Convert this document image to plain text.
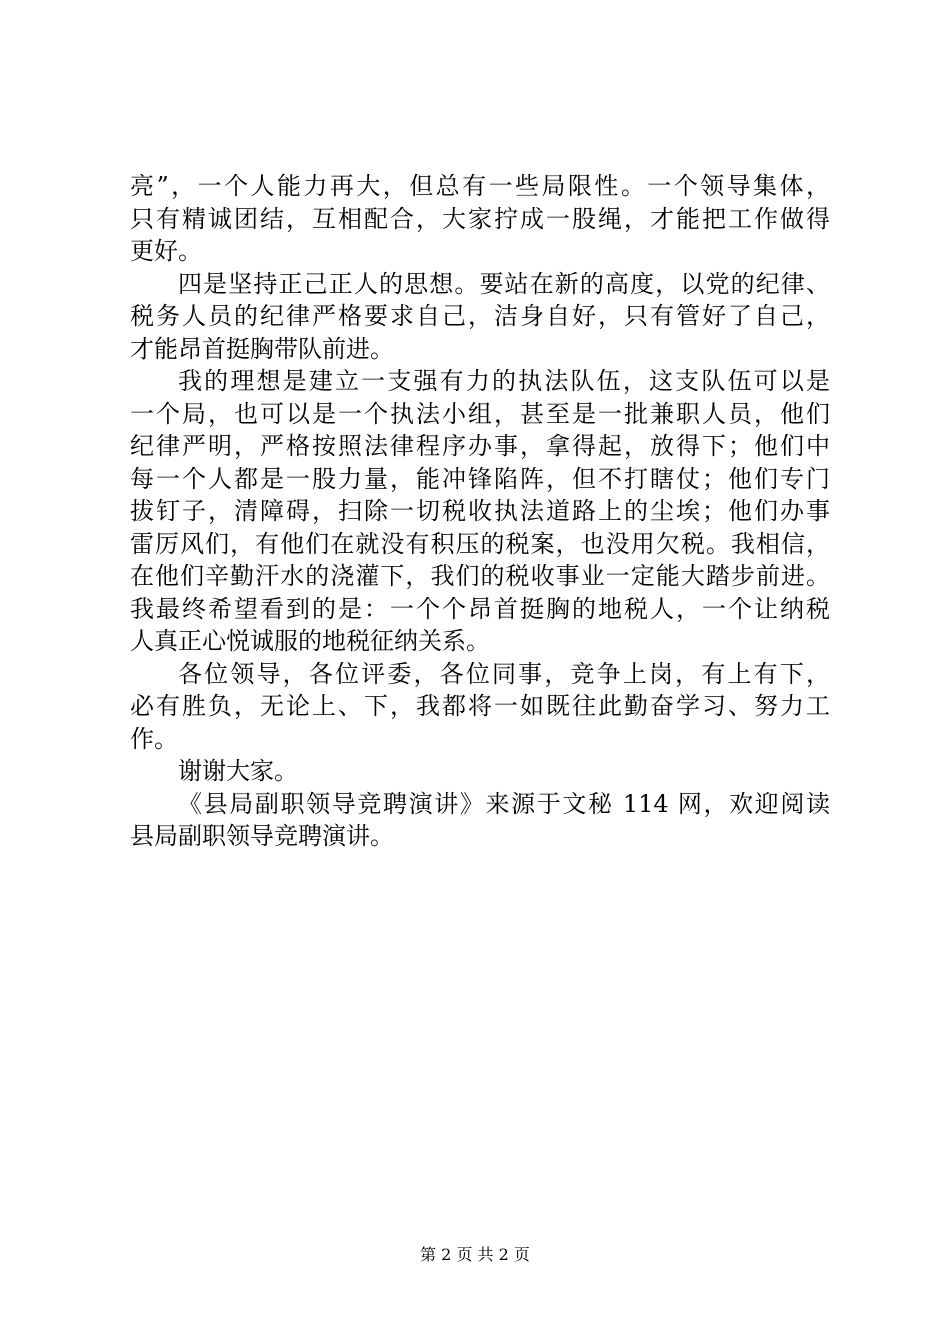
亮”，一个人能力再大，但总有一些局限性。一个领导集体，
只有精诚团结，互相配合，大家拧成一股绳，才能把工作做得
更好。
四是坚持正己正人的思想。要站在新的高度，以党的纪律、
税务人员的纪律严格要求自己，洁身自好，只有管好了自己，
才能昂首挺胸带队前进。
我的理想是建立一支强有力的执法队伍，这支队伍可以是
一个局，也可以是一个执法小组，甚至是一批兼职人员，他们
纪律严明，严格按照法律程序办事，拿得起，放得下；他们中
每一个人都是一股力量，能冲锋陷阵，但不打瞎仗；他们专门
拔钉子，清障碍，扫除一切税收执法道路上的尘埃；他们办事
雷厉风们，有他们在就没有积压的税案，也没用欠税。我相信，
在他们辛勤汗水的浇灌下，我们的税收事业一定能大踏步前进。
我最终希望看到的是：一个个昂首挺胸的地税人，一个让纳税
人真正心悦诚服的地税征纳关系。
各位领导，各位评委，各位同事，竞争上岗，有上有下，
必有胜负，无论上、下，我都将一如既往此勤奋学习、努力工
作。
谢谢大家。
《县局副职领导竞聘演讲》来源于文秘 114 网，欢迎阅读
县局副职领导竞聘演讲。
第 2 页 共 2 页
